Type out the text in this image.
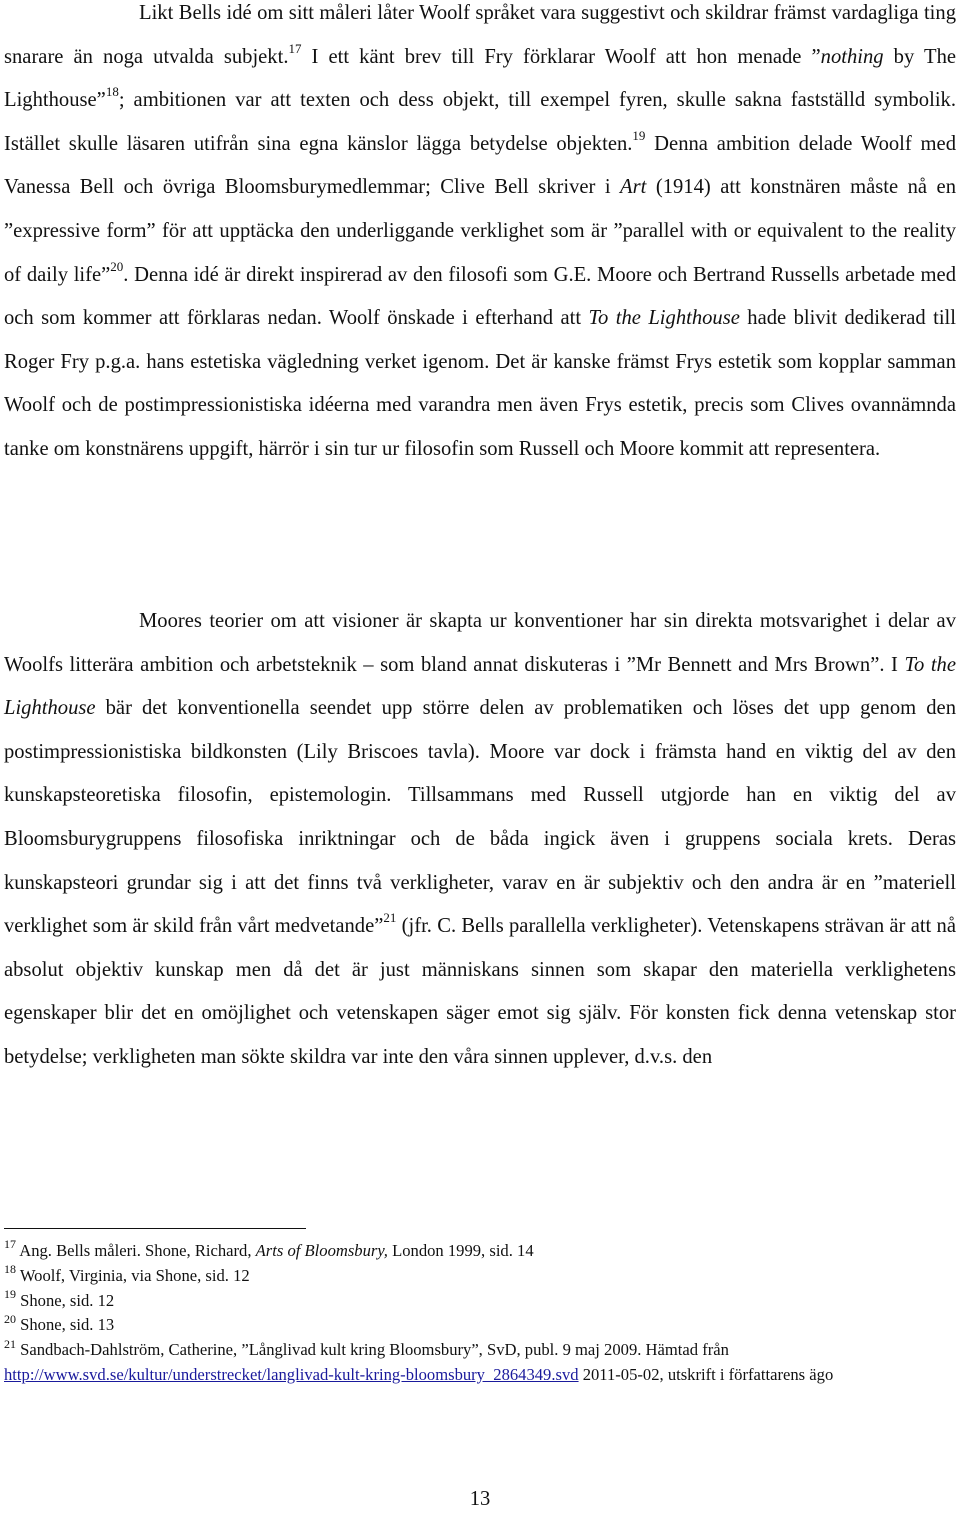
Likt Bells idé om sitt måleri låter Woolf språket vara suggestivt och skildrar främst vardagliga ting snarare än noga utvalda subjekt.$^{17}$ I ett känt brev till Fry förklarar Woolf att hon menade ”nothing by The Lighthouse”$^{18}$; ambitionen var att texten och dess objekt, till exempel fyren, skulle sakna fastställd symbolik. Istället skulle läsaren utifrån sina egna känslor lägga betydelse objekten.$^{19}$ Denna ambition delade Woolf med Vanessa Bell och övriga Bloomsburymedlemmar; Clive Bell skriver i Art (1914) att konstnären måste nå en ”expressive form” för att upptäcka den underliggande verklighet som är ”parallel with or equivalent to the reality of daily life”$^{20}$. Denna idé är direkt inspirerad av den filosofi som G.E. Moore och Bertrand Russells arbetade med och som kommer att förklaras nedan. Woolf önskade i efterhand att To the Lighthouse hade blivit dedikerad till Roger Fry p.g.a. hans estetiska vägledning verket igenom. Det är kanske främst Frys estetik som kopplar samman Woolf och de postimpressionistiska idéerna med varandra men även Frys estetik, precis som Clives ovannämnda tanke om konstnärens uppgift, härrör i sin tur ur filosofin som Russell och Moore kommit att representera.

Moores teorier om att visioner är skapta ur konventioner har sin direkta motsvarighet i delar av Woolfs litterära ambition och arbetsteknik – som bland annat diskuteras i ”Mr Bennett and Mrs Brown”. I To the Lighthouse bär det konventionella seendet upp större delen av problematiken och löses det upp genom den postimpressionistiska bildkonsten (Lily Briscoes tavla). Moore var dock i främsta hand en viktig del av den kunskapsteoretiska filosofin, epistemologin. Tillsammans med Russell utgjorde han en viktig del av Bloomsburygruppens filosofiska inriktningar och de båda ingick även i gruppens sociala krets. Deras kunskapsteori grundar sig i att det finns två verkligheter, varav en är subjektiv och den andra är en ”materiell verklighet som är skild från vårt medvetande”$^{21}$ (jfr. C. Bells parallella verkligheter). Vetenskapens strävan är att nå absolut objektiv kunskap men då det är just människans sinnen som skapar den materiella verklighetens egenskaper blir det en omöjlighet och vetenskapen säger emot sig själv. För konsten fick denna vetenskap stor betydelse; verkligheten man sökte skildra var inte den våra sinnen upplever, d.v.s. den

$^{17}$ Ang. Bells måleri. Shone, Richard, Arts of Bloomsbury, London 1999, sid. 14

$^{18}$ Woolf, Virginia, via Shone, sid. 12

$^{19}$ Shone, sid. 12

$^{20}$ Shone, sid. 13

$^{21}$ Sandbach-Dahlström, Catherine, ”Långlivad kult kring Bloomsbury”, SvD, publ. 9 maj 2009. Hämtad från http://www.svd.se/kultur/understrecket/langlivad-kult-kring-bloomsbury_2864349.svd 2011-05-02, utskrift i författarens ägo

13
